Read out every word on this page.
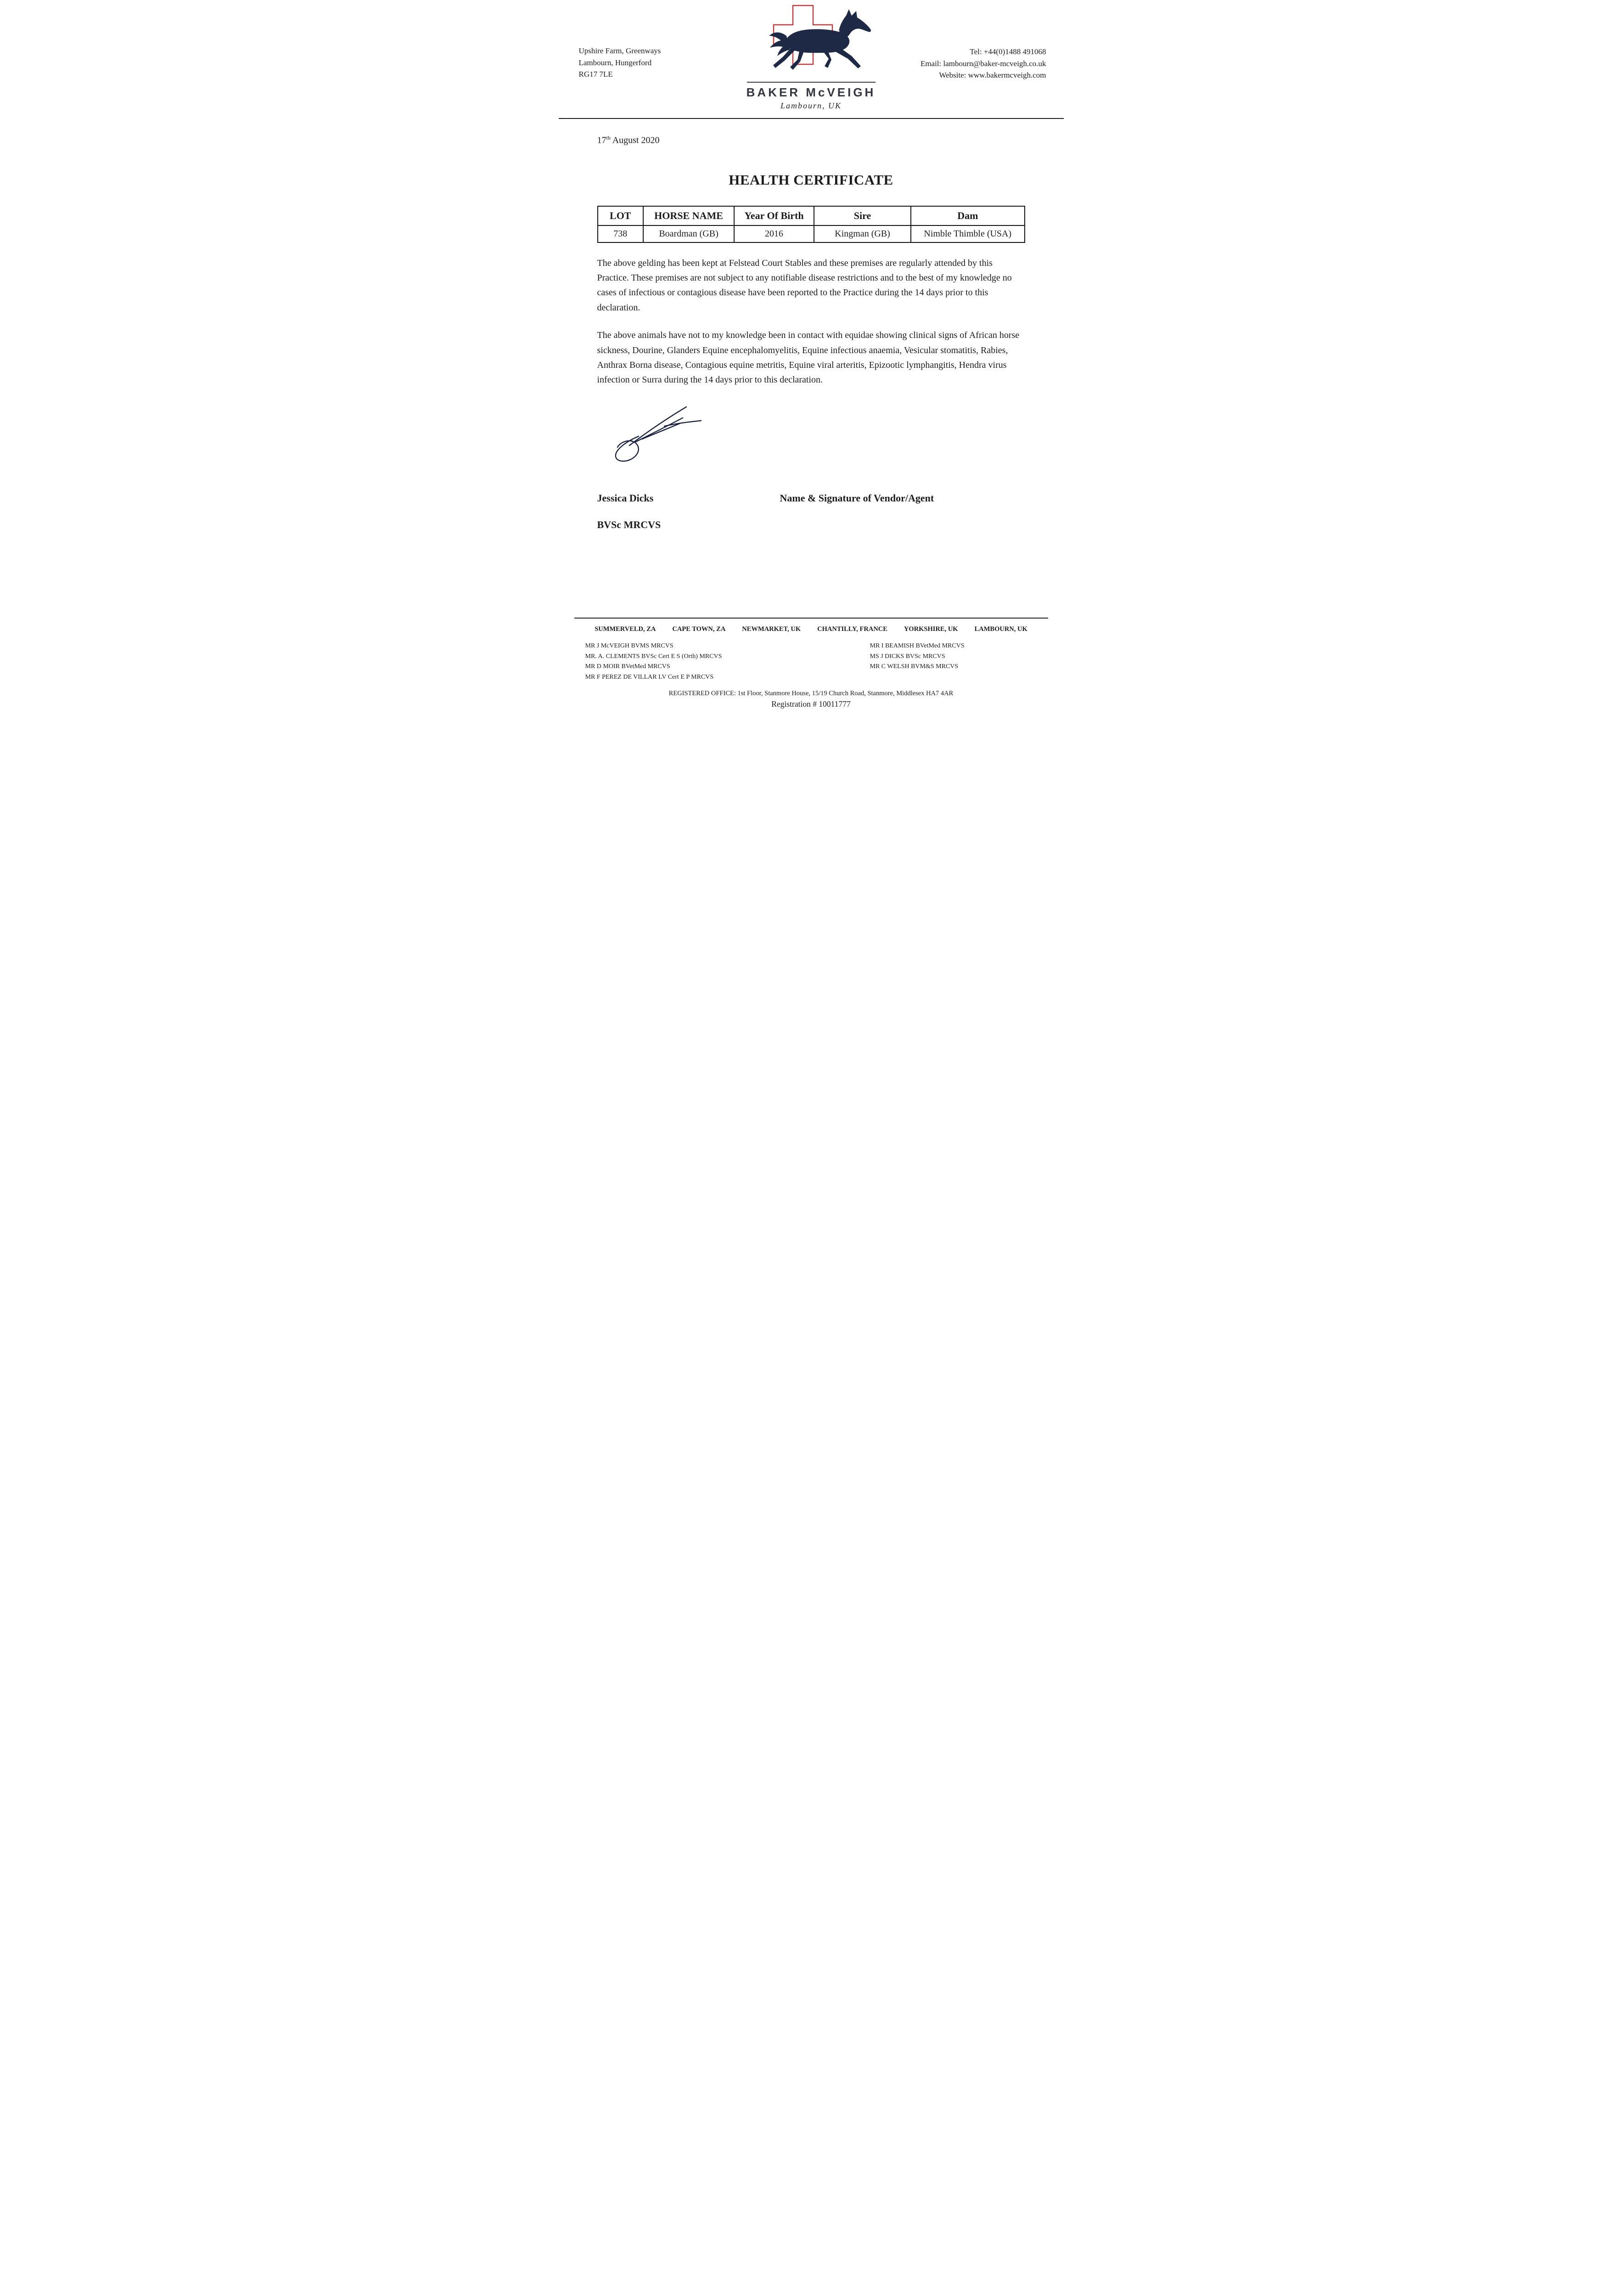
Upshire Farm, Greenways
Lambourn, Hungerford
RG17 7LE
Tel: +44(0)1488 491068
Email: lambourn@baker-mcveigh.co.uk
Website: www.bakermcveigh.com
BAKER McVEIGH
Lambourn, UK
17th August 2020
HEALTH CERTIFICATE
LOT	HORSE NAME	Year Of Birth	Sire	Dam
738	Boardman (GB)	2016	Kingman (GB)	Nimble Thimble (USA)

The above gelding has been kept at Felstead Court Stables and these premises are regularly attended by this Practice. These premises are not subject to any notifiable disease restrictions and to the best of my knowledge no cases of infectious or contagious disease have been reported to the Practice during the 14 days prior to this declaration.

The above animals have not to my knowledge been in contact with equidae showing clinical signs of African horse sickness, Dourine, Glanders Equine encephalomyelitis, Equine infectious anaemia, Vesicular stomatitis, Rabies, Anthrax Borna disease, Contagious equine metritis, Equine viral arteritis, Epizootic lymphangitis, Hendra virus infection or Surra during the 14 days prior to this declaration.

Jessica Dicks	Name & Signature of Vendor/Agent
BVSc MRCVS
SUMMERVELD, ZA CAPE TOWN, ZA NEWMARKET, UK CHANTILLY, FRANCE YORKSHIRE, UK LAMBOURN, UK
MR J McVEIGH BVMS MRCVS
MR. A. CLEMENTS BVSc Cert E S (Orth) MRCVS
MR D MOIR BVetMed MRCVS
MR F PEREZ DE VILLAR LV Cert E P MRCVS
MR I BEAMISH BVetMed MRCVS
MS J DICKS BVSc MRCVS
MR C WELSH BVM&S MRCVS
REGISTERED OFFICE: 1st Floor, Stanmore House, 15/19 Church Road, Stanmore, Middlesex HA7 4AR
Registration # 10011777
